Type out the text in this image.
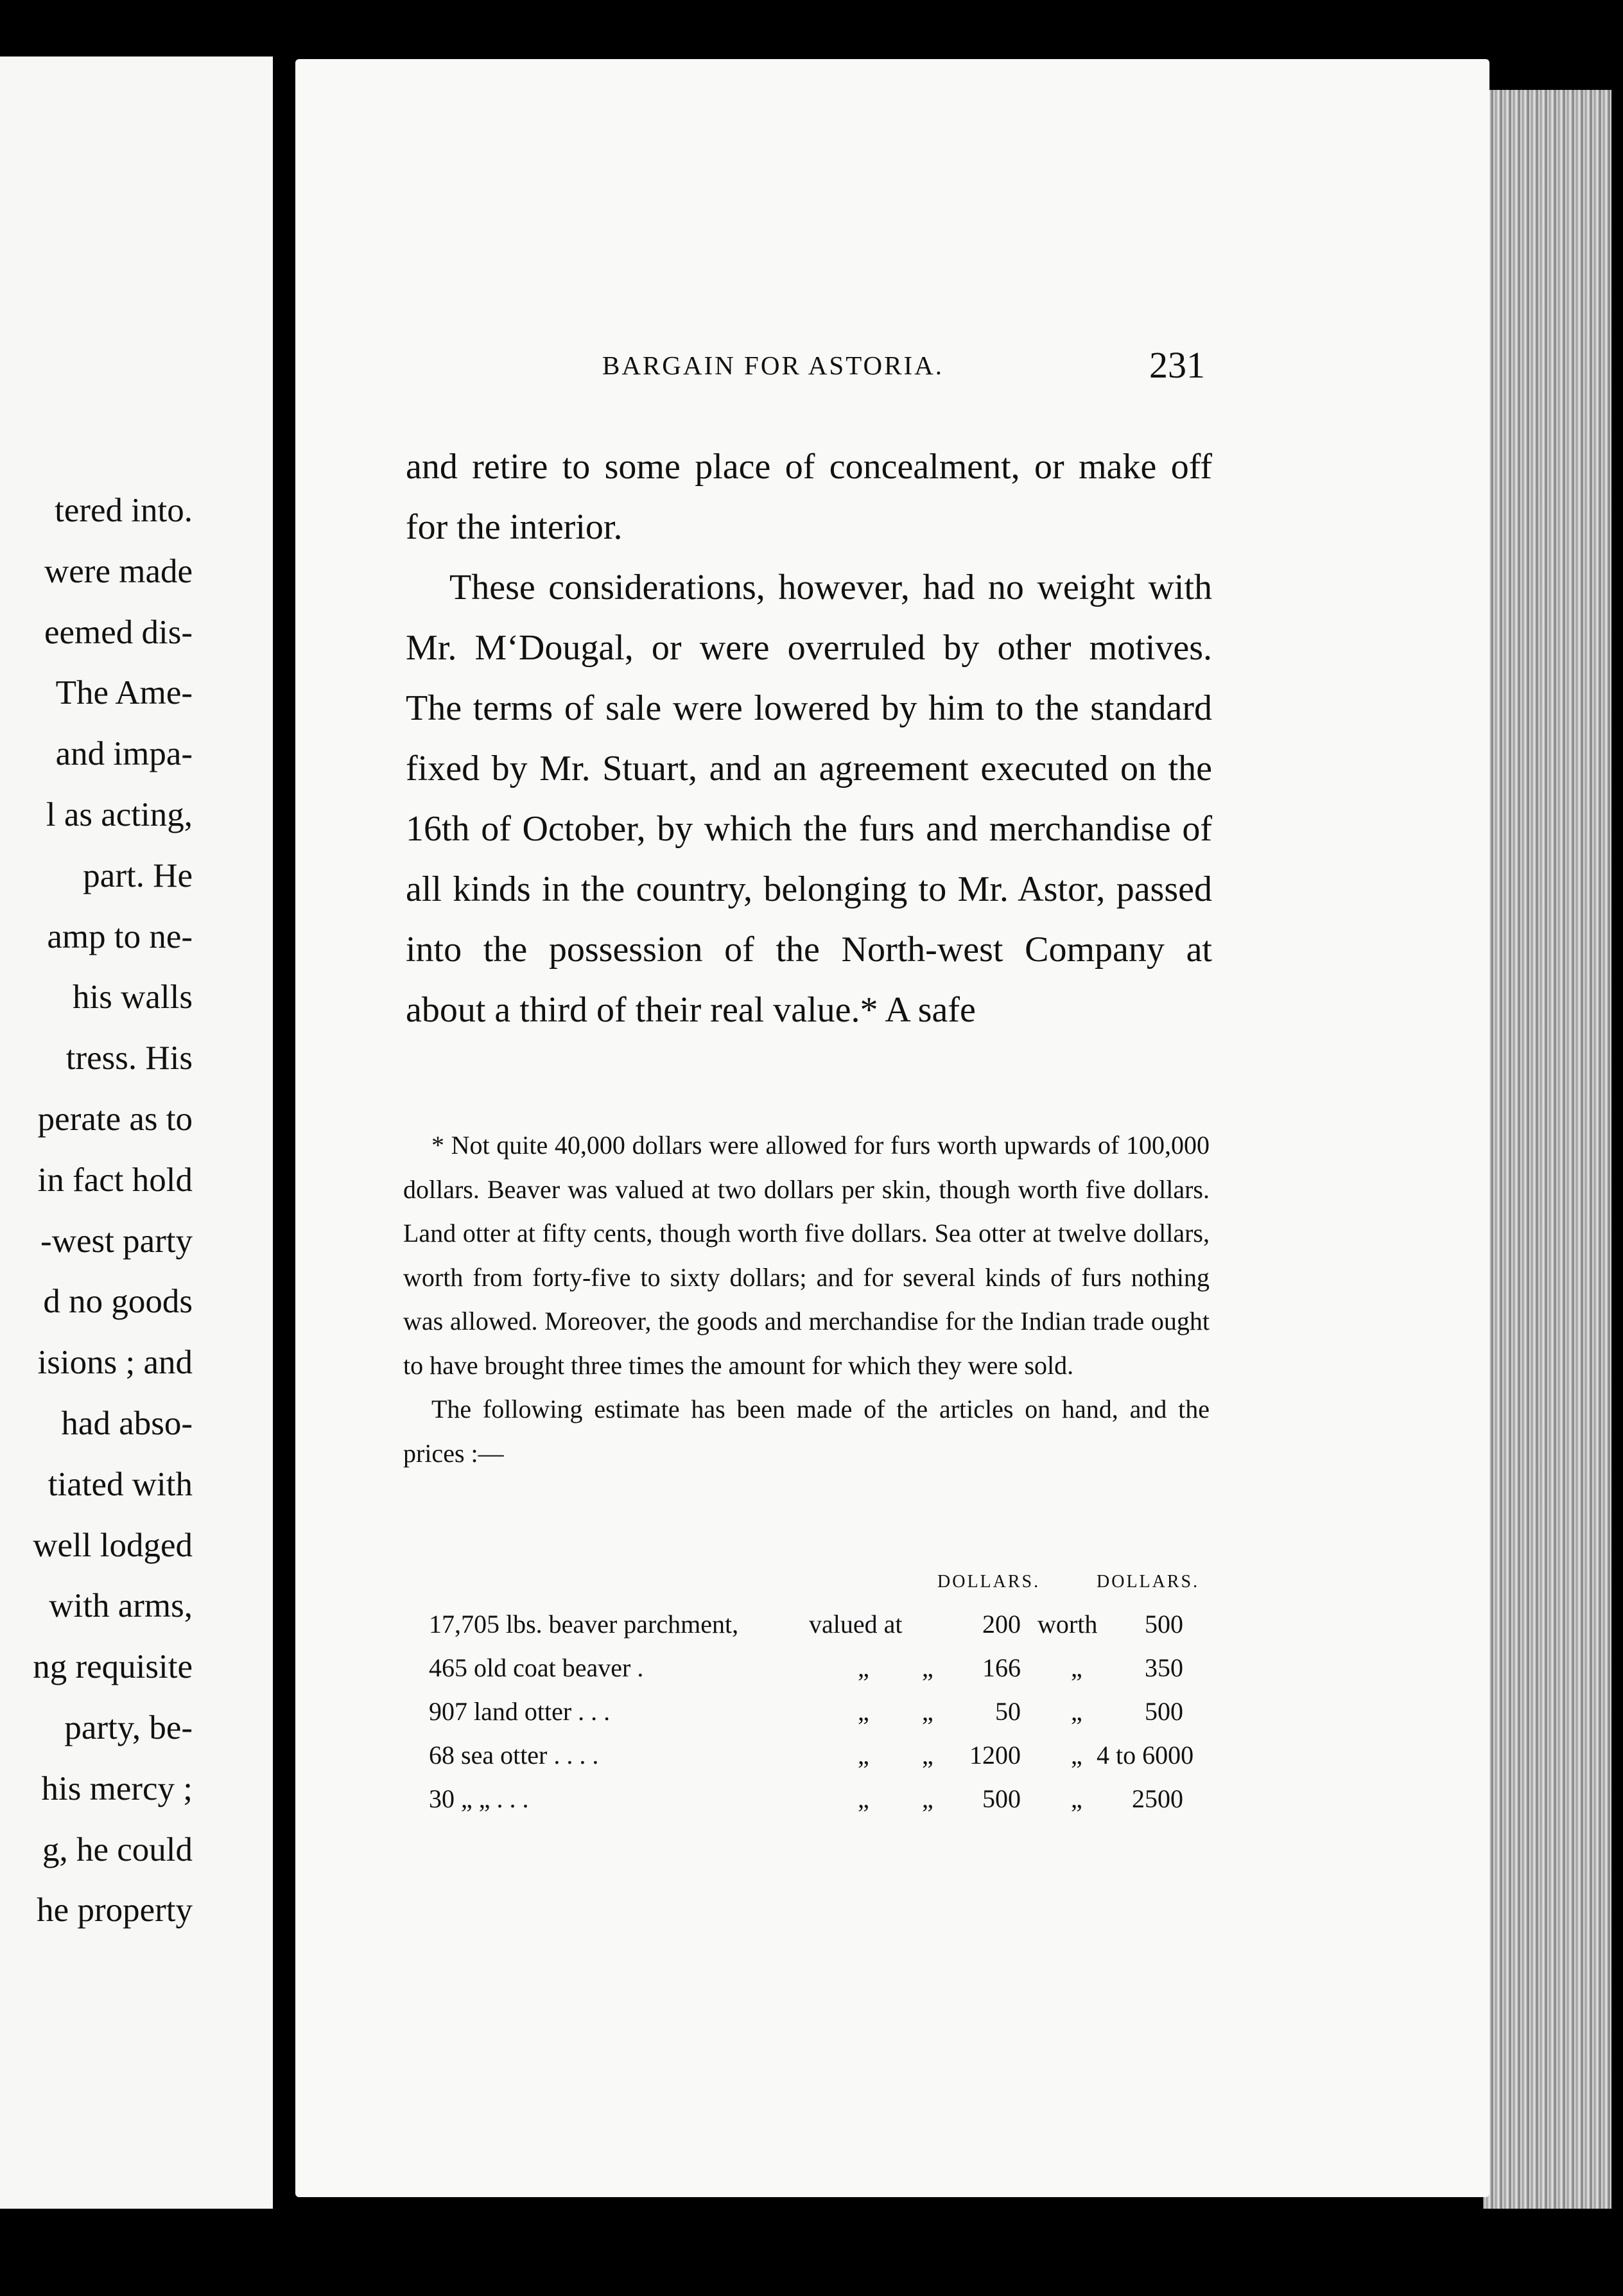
tered into.

were made

eemed dis-

The Ame-

and impa-

l as acting,

part. He

amp to ne-

his walls

tress. His

perate as to

in fact hold

-west party

d no goods

isions ; and

had abso-

tiated with

well lodged

with arms,

ng requisite

party, be-

his mercy ;

g, he could

he property

BARGAIN FOR ASTORIA.	231

and retire to some place of concealment, or make off for the interior.

These considerations, however, had no weight with Mr. M‘Dougal, or were overruled by other motives. The terms of sale were lowered by him to the standard fixed by Mr. Stuart, and an agreement executed on the 16th of October, by which the furs and merchandise of all kinds in the country, belonging to Mr. Astor, passed into the possession of the North-west Company at about a third of their real value.* A safe

* Not quite 40,000 dollars were allowed for furs worth upwards of 100,000 dollars. Beaver was valued at two dollars per skin, though worth five dollars. Land otter at fifty cents, though worth five dollars. Sea otter at twelve dollars, worth from forty-five to sixty dollars; and for several kinds of furs nothing was allowed. Moreover, the goods and merchandise for the Indian trade ought to have brought three times the amount for which they were sold.

The following estimate has been made of the articles on hand, and the prices :—

DOLLARS.	DOLLARS.
17,705 lbs. beaver parchment,	valued at	200 worth	500
465 old coat beaver .	„ „	166 „	350
907 land otter . . .	„ „	50 „	500
68 sea otter . . . .	„ „	1200 „ 4 to 6000
30 „ „ . . .	„ „	500 „	2500
